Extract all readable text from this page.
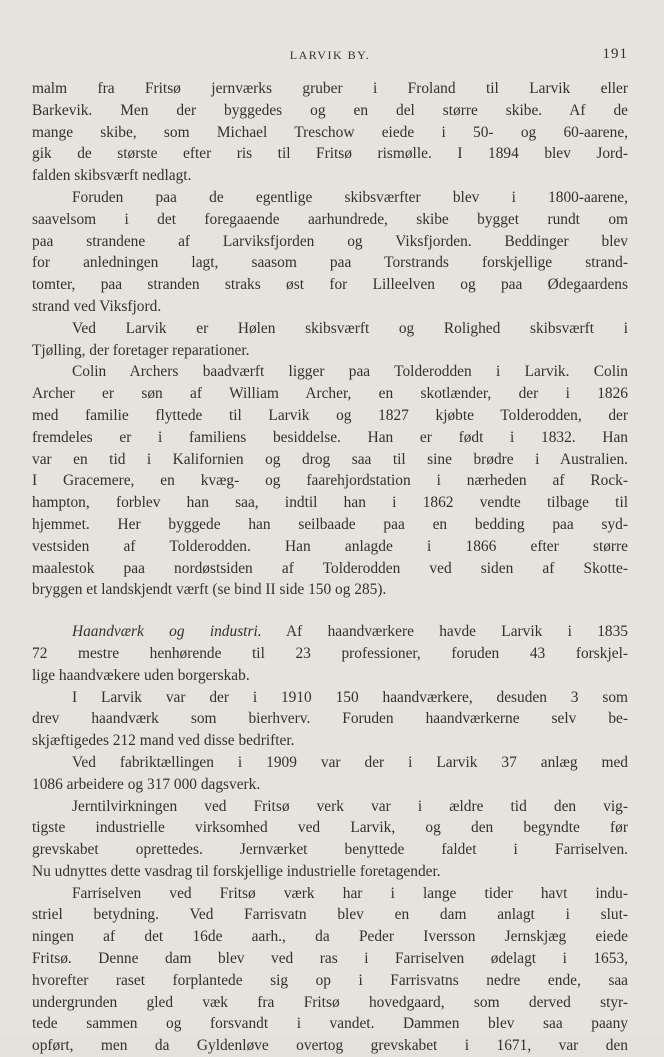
LARVIK BY.	191

malm fra Fritsø jernværks gruber i Froland til Larvik eller
Barkevik. Men der byggedes og en del større skibe. Af de
mange skibe, som Michael Treschow eiede i 50- og 60-aarene,
gik de største efter ris til Fritsø rismølle. I 1894 blev Jord-
falden skibsværft nedlagt.

Foruden paa de egentlige skibsværfter blev i 1800-aarene,
saavelsom i det foregaaende aarhundrede, skibe bygget rundt om
paa strandene af Larviksfjorden og Viksfjorden. Beddinger blev
for anledningen lagt, saasom paa Torstrands forskjellige strand-
tomter, paa stranden straks øst for Lilleelven og paa Ødegaardens
strand ved Viksfjord.

Ved Larvik er Hølen skibsværft og Rolighed skibsværft i
Tjølling, der foretager reparationer.

Colin Archers baadværft ligger paa Tolderodden i Larvik. Colin
Archer er søn af William Archer, en skotlænder, der i 1826
med familie flyttede til Larvik og 1827 kjøbte Tolderodden, der
fremdeles er i familiens besiddelse. Han er født i 1832. Han
var en tid i Kalifornien og drog saa til sine brødre i Australien.
I Gracemere, en kvæg- og faarehjordstation i nærheden af Rock-
hampton, forblev han saa, indtil han i 1862 vendte tilbage til
hjemmet. Her byggede han seilbaade paa en bedding paa syd-
vestsiden af Tolderodden. Han anlagde i 1866 efter større
maalestok paa nordøstsiden af Tolderodden ved siden af Skotte-
bryggen et landskjendt værft (se bind II side 150 og 285).

Haandværk og industri. Af haandværkere havde Larvik i 1835
72 mestre henhørende til 23 professioner, foruden 43 forskjel-
lige haandvækere uden borgerskab.

I Larvik var der i 1910 150 haandværkere, desuden 3 som
drev haandværk som bierhverv. Foruden haandværkerne selv be-
skjæftigedes 212 mand ved disse bedrifter.

Ved fabriktællingen i 1909 var der i Larvik 37 anlæg med
1086 arbeidere og 317 000 dagsverk.

Jerntilvirkningen ved Fritsø verk var i ældre tid den vig-
tigste industrielle virksomhed ved Larvik, og den begyndte før
grevskabet oprettedes. Jernværket benyttede faldet i Farriselven.
Nu udnyttes dette vasdrag til forskjellige industrielle foretagender.

Farriselven ved Fritsø værk har i lange tider havt indu-
striel betydning. Ved Farrisvatn blev en dam anlagt i slut-
ningen af det 16de aarh., da Peder Iversson Jernskjæg eiede
Fritsø. Denne dam blev ved ras i Farriselven ødelagt i 1653,
hvorefter raset forplantede sig op i Farrisvatns nedre ende, saa
undergrunden gled væk fra Fritsø hovedgaard, som derved styr-
tede sammen og forsvandt i vandet. Dammen blev saa paany
opført, men da Gyldenløve overtog grevskabet i 1671, var den
